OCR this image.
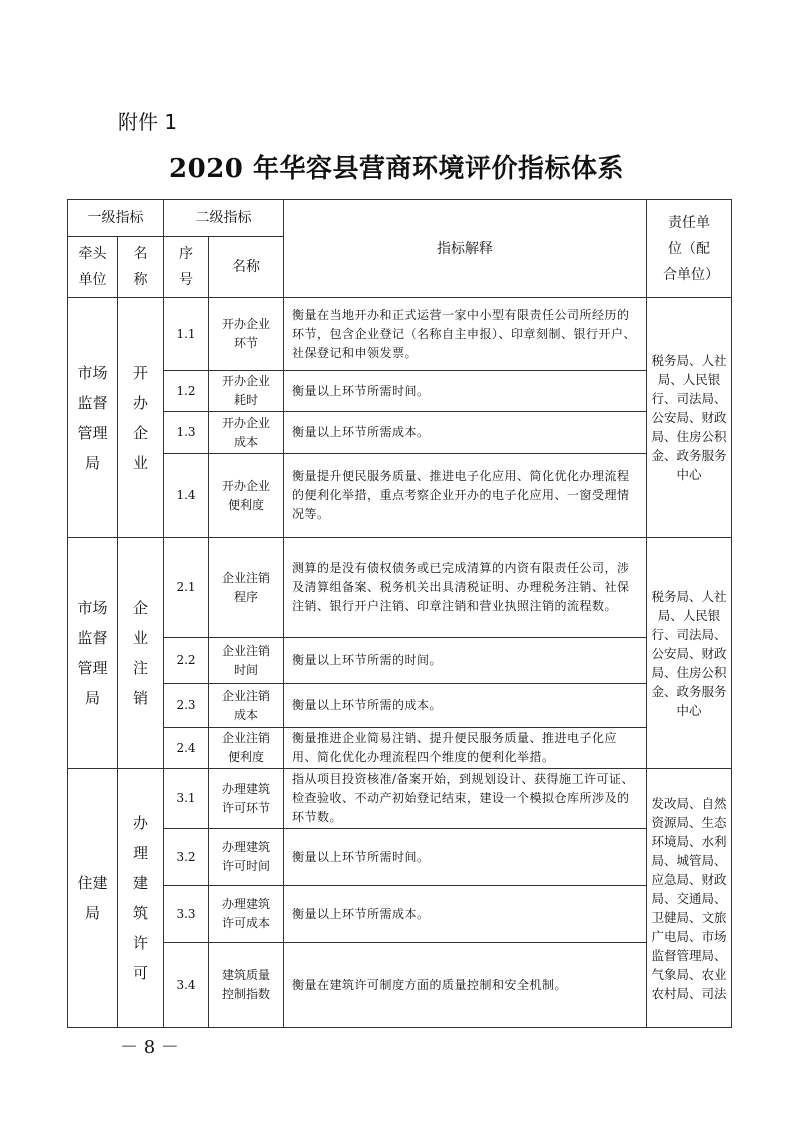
附件 1
2020 年华容县营商环境评价指标体系
一级指标		二级指标		指标解释	责任单位（配合单位）
牵头单位	名称	序号	名称		
市场监督管理局	开办企业	1.1	开办企业环节	衡量在当地开办和正式运营一家中小型有限责任公司所经历的环节，包含企业登记（名称自主申报）、印章刻制、银行开户、社保登记和申领发票。	税务局、人社局、人民银行、司法局、公安局、财政局、住房公积金、政务服务中心
		1.2	开办企业耗时	衡量以上环节所需时间。	
		1.3	开办企业成本	衡量以上环节所需成本。	
		1.4	开办企业便利度	衡量提升便民服务质量、推进电子化应用、简化优化办理流程的便利化举措，重点考察企业开办的电子化应用、一窗受理情况等。	
市场监督管理局	企业注销	2.1	企业注销程序	测算的是没有债权债务或已完成清算的内资有限责任公司，涉及清算组备案、税务机关出具清税证明、办理税务注销、社保注销、银行开户注销、印章注销和营业执照注销的流程数。	税务局、人社局、人民银行、司法局、公安局、财政局、住房公积金、政务服务中心
		2.2	企业注销时间	衡量以上环节所需的时间。	
		2.3	企业注销成本	衡量以上环节所需的成本。	
		2.4	企业注销便利度	衡量推进企业简易注销、提升便民服务质量、推进电子化应用、简化优化办理流程四个维度的便利化举措。	
住建局	办理建筑许可	3.1	办理建筑许可环节	指从项目投资核准/备案开始，到规划设计、获得施工许可证、检查验收、不动产初始登记结束，建设一个模拟仓库所涉及的环节数。	发改局、自然资源局、生态环境局、水利局、城管局、应急局、财政局、交通局、卫健局、文旅广电局、市场监督管理局、气象局、农业农村局、司法
		3.2	办理建筑许可时间	衡量以上环节所需时间。	
		3.3	办理建筑许可成本	衡量以上环节所需成本。	
		3.4	建筑质量控制指数	衡量在建筑许可制度方面的质量控制和安全机制。	
－ 8 －
